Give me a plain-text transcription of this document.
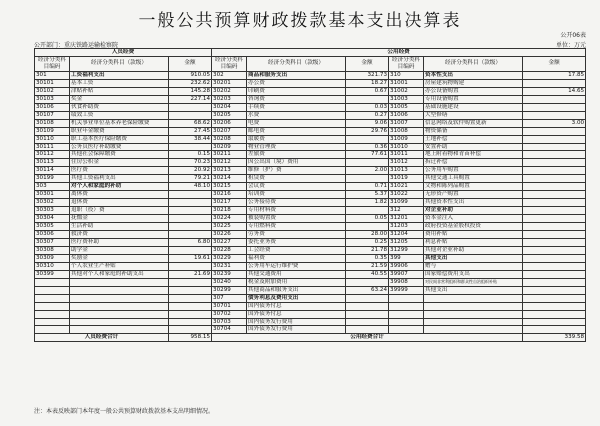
一般公共预算财政拨款基本支出决算表
公开06表
公开部门：重庆铁路运输检察院	单位：万元
人员经费			公用经费					
经济分类科目编码	经济分类科目（款级）	金额	经济分类科目编码	经济分类科目（款级）	金额	经济分类科目编码	经济分类科目（款级）	金额
301	工资福利支出	910.05	302	商品和服务支出	321.73	310	资本性支出	17.85
30101	基本工资	232.62	30201	办公费	18.27	31001	房屋建筑物购建	
30102	津贴补贴	145.28	30202	印刷费	0.67	31002	办公设备购置	14.65
30103	奖金	227.14	30203	咨询费		31003	专用设备购置	
30106	伙食补助费		30204	手续费	0.03	31005	基础设施建设	
30107	绩效工资		30205	水费	0.27	31006	大型修缮	
30108	机关事业单位基本养老保险缴费	68.62	30206	电费	9.06	31007	信息网络及软件购置更新	3.00
30109	职业年金缴费	27.45	30207	邮电费	29.76	31008	物资储备	
30110	职工基本医疗保险缴费	38.44	30208	取暖费		31009	土地补偿	
30111	公务员医疗补助缴费		30209	物业管理费	0.36	31010	安置补助	
30112	其他社会保障缴费	0.15	30211	差旅费	77.61	31011	地上附着物和青苗补偿	
30113	住房公积金	70.23	30212	因公出国（境）费用		31012	拆迁补偿	
30114	医疗费	20.92	30213	维修（护）费	2.00	31013	公务用车购置	
30199	其他工资福利支出	79.21	30214	租赁费		31019	其他交通工具购置	
303	对个人和家庭的补助	48.10	30215	会议费	0.71	31021	文物和陈列品购置	
30301	离休费		30216	培训费	5.37	31022	无形资产购置	
30302	退休费		30217	公务接待费	1.82	31099	其他资本性支出	
30303	退职（役）费		30218	专用材料费		312	对企业补助	
30304	抚恤金		30224	被装购置费	0.05	31201	资本金注入	
30305	生活补助		30225	专用燃料费		31203	政府投资基金股权投资	
30306	救济费		30226	劳务费	28.00	31204	费用补贴	
30307	医疗费补助	6.80	30227	委托业务费	0.25	31205	利息补贴	
30308	助学金		30228	工会经费	21.78	31299	其他对企业补助	
30309	奖励金	19.61	30229	福利费	0.35	399	其他支出	
30310	个人农业生产补贴		30231	公务用车运行维护费	21.59	39906	赠与	
30399	其他对个人和家庭的补助支出	21.69	30239	其他交通费用	40.55	39907	国家赔偿费用支出	
			30240	税金及附加费用		39908	对民间非营利组织和群众性自治组织补贴	
			30299	其他商品和服务支出	63.24	39999	其他支出	
			307	债务利息及费用支出				
			30701	国内债务付息				
			30702	国外债务付息				
			30703	国内债务发行费用				
			30704	国外债务发行费用				
人员经费合计		958.15	公用经费合计					339.58
注：本表反映部门本年度一般公共预算财政拨款基本支出明细情况。
